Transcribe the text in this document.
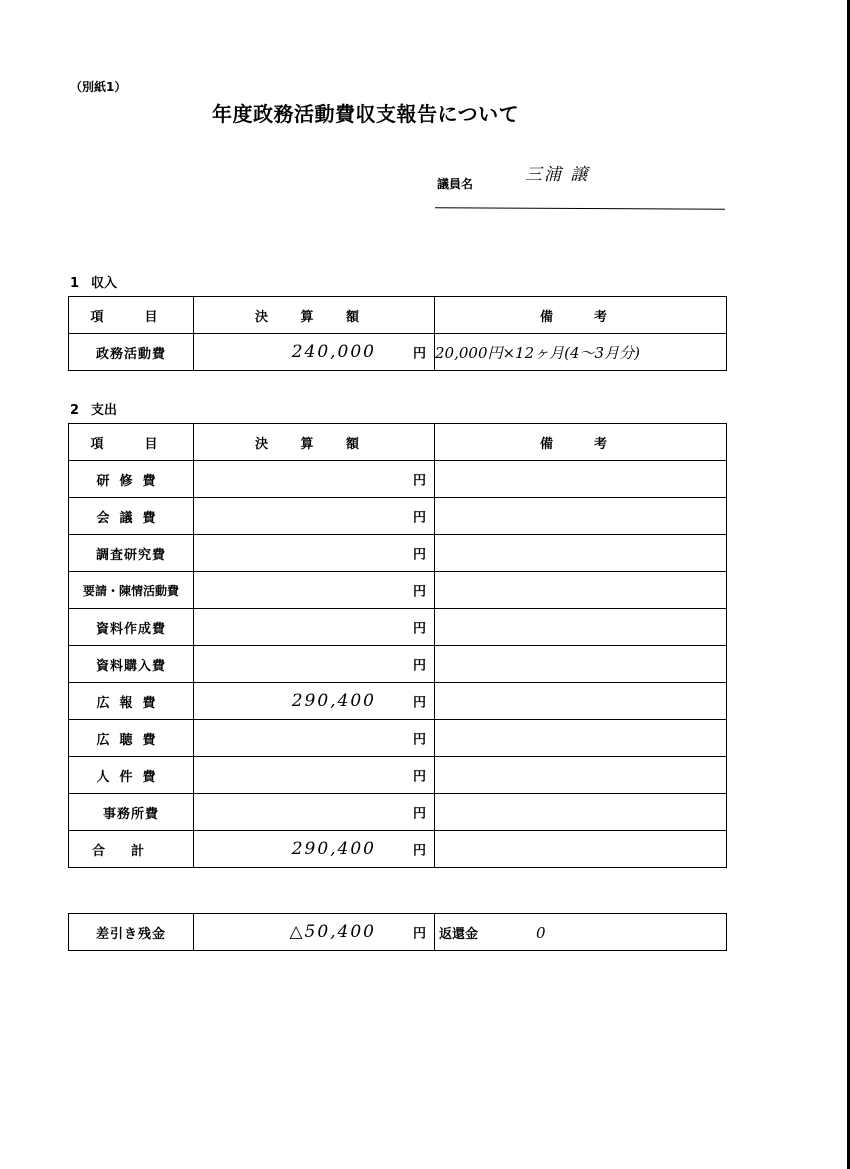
（別紙1）
年度政務活動費収支報告について
議員名	三浦 譲
1 収入
項　目	決 算 額	備　考
政務活動費	240,000 円	20,000円×12ヶ月(4～3月分)
2 支出
項　目	決 算 額	備　考
研修費	円	

会議費	円	

調査研究費	円	

要請・陳情活動費	円	

資料作成費	円	

資料購入費	円	

広報費	290,400 円	

広聴費	円	

人件費	円	

事務所費	円	

合計	290,400 円	

差引き残金	△50,400	円	返還金	0
